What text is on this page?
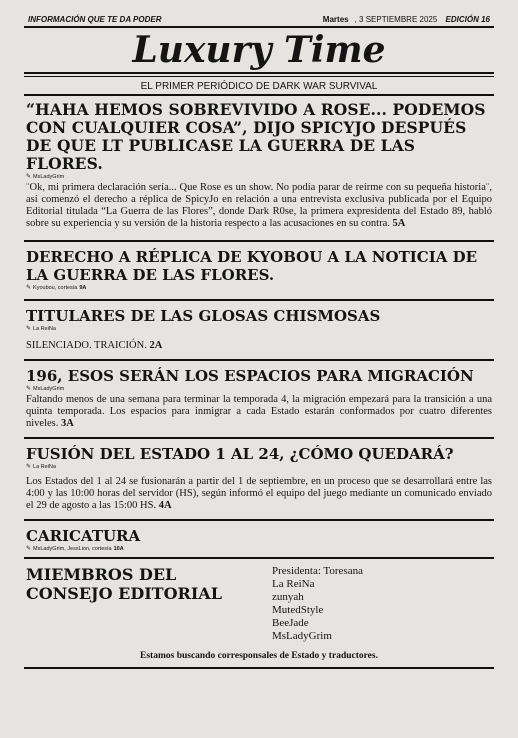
INFORMACIÓN QUE TE DA PODER	Martes , 3 SEPTIEMBRE 2025 EDICIÓN 16
Luxury Time
EL PRIMER PERIÓDICO DE DARK WAR SURVIVAL
“HAHA HEMOS SOBREVIVIDO A ROSE... PODEMOS CON CUALQUIER COSA”, DIJO SPICYJO DESPUÉS DE QUE LT PUBLICASE LA GUERRA DE LAS FLORES.
✎ MsLadyGrim

¨Ok, mi primera declaración sería... Que Rose es un show. No podía parar de reírme con su pequeña historia¨, así comenzó el derecho a réplica de SpicyJo en relación a una entrevista exclusiva publicada por el Equipo Editorial titulada “La Guerra de las Flores”, donde Dark R0se, la primera expresidenta del Estado 89, habló sobre su experiencia y su versión de la historia respecto a las acusaciones en su contra. 5A

DERECHO A RÉPLICA DE KYOBOU A LA NOTICIA DE LA GUERRA DE LAS FLORES.
✎ Kyoubou, cortesía 9A
TITULARES DE LAS GLOSAS CHISMOSAS
✎ La ReiNa

SILENCIADO. TRAICIÓN. 2A

196, ESOS SERÁN LOS ESPACIOS PARA MIGRACIÓN
✎ MsLadyGrim

Faltando menos de una semana para terminar la temporada 4, la migración empezará para la transición a una quinta temporada. Los espacios para inmigrar a cada Estado estarán conformados por cuatro diferentes niveles. 3A

FUSIÓN DEL ESTADO 1 AL 24, ¿CÓMO QUEDARÁ?
✎ La ReiNa

Los Estados del 1 al 24 se fusionarán a partir del 1 de septiembre, en un proceso que se desarrollará entre las 4:00 y las 10:00 horas del servidor (HS), según informó el equipo del juego mediante un comunicado enviado el 29 de agosto a las 15:00 HS. 4A

CARICATURA
✎ MsLadyGrim, JessLion, cortesía 10A
MIEMBROS DEL CONSEJO EDITORIAL
Presidenta: Toresana
La ReiNa
zunyah
MutedStyle
BeeJade
MsLadyGrim
Estamos buscando corresponsales de Estado y traductores.
